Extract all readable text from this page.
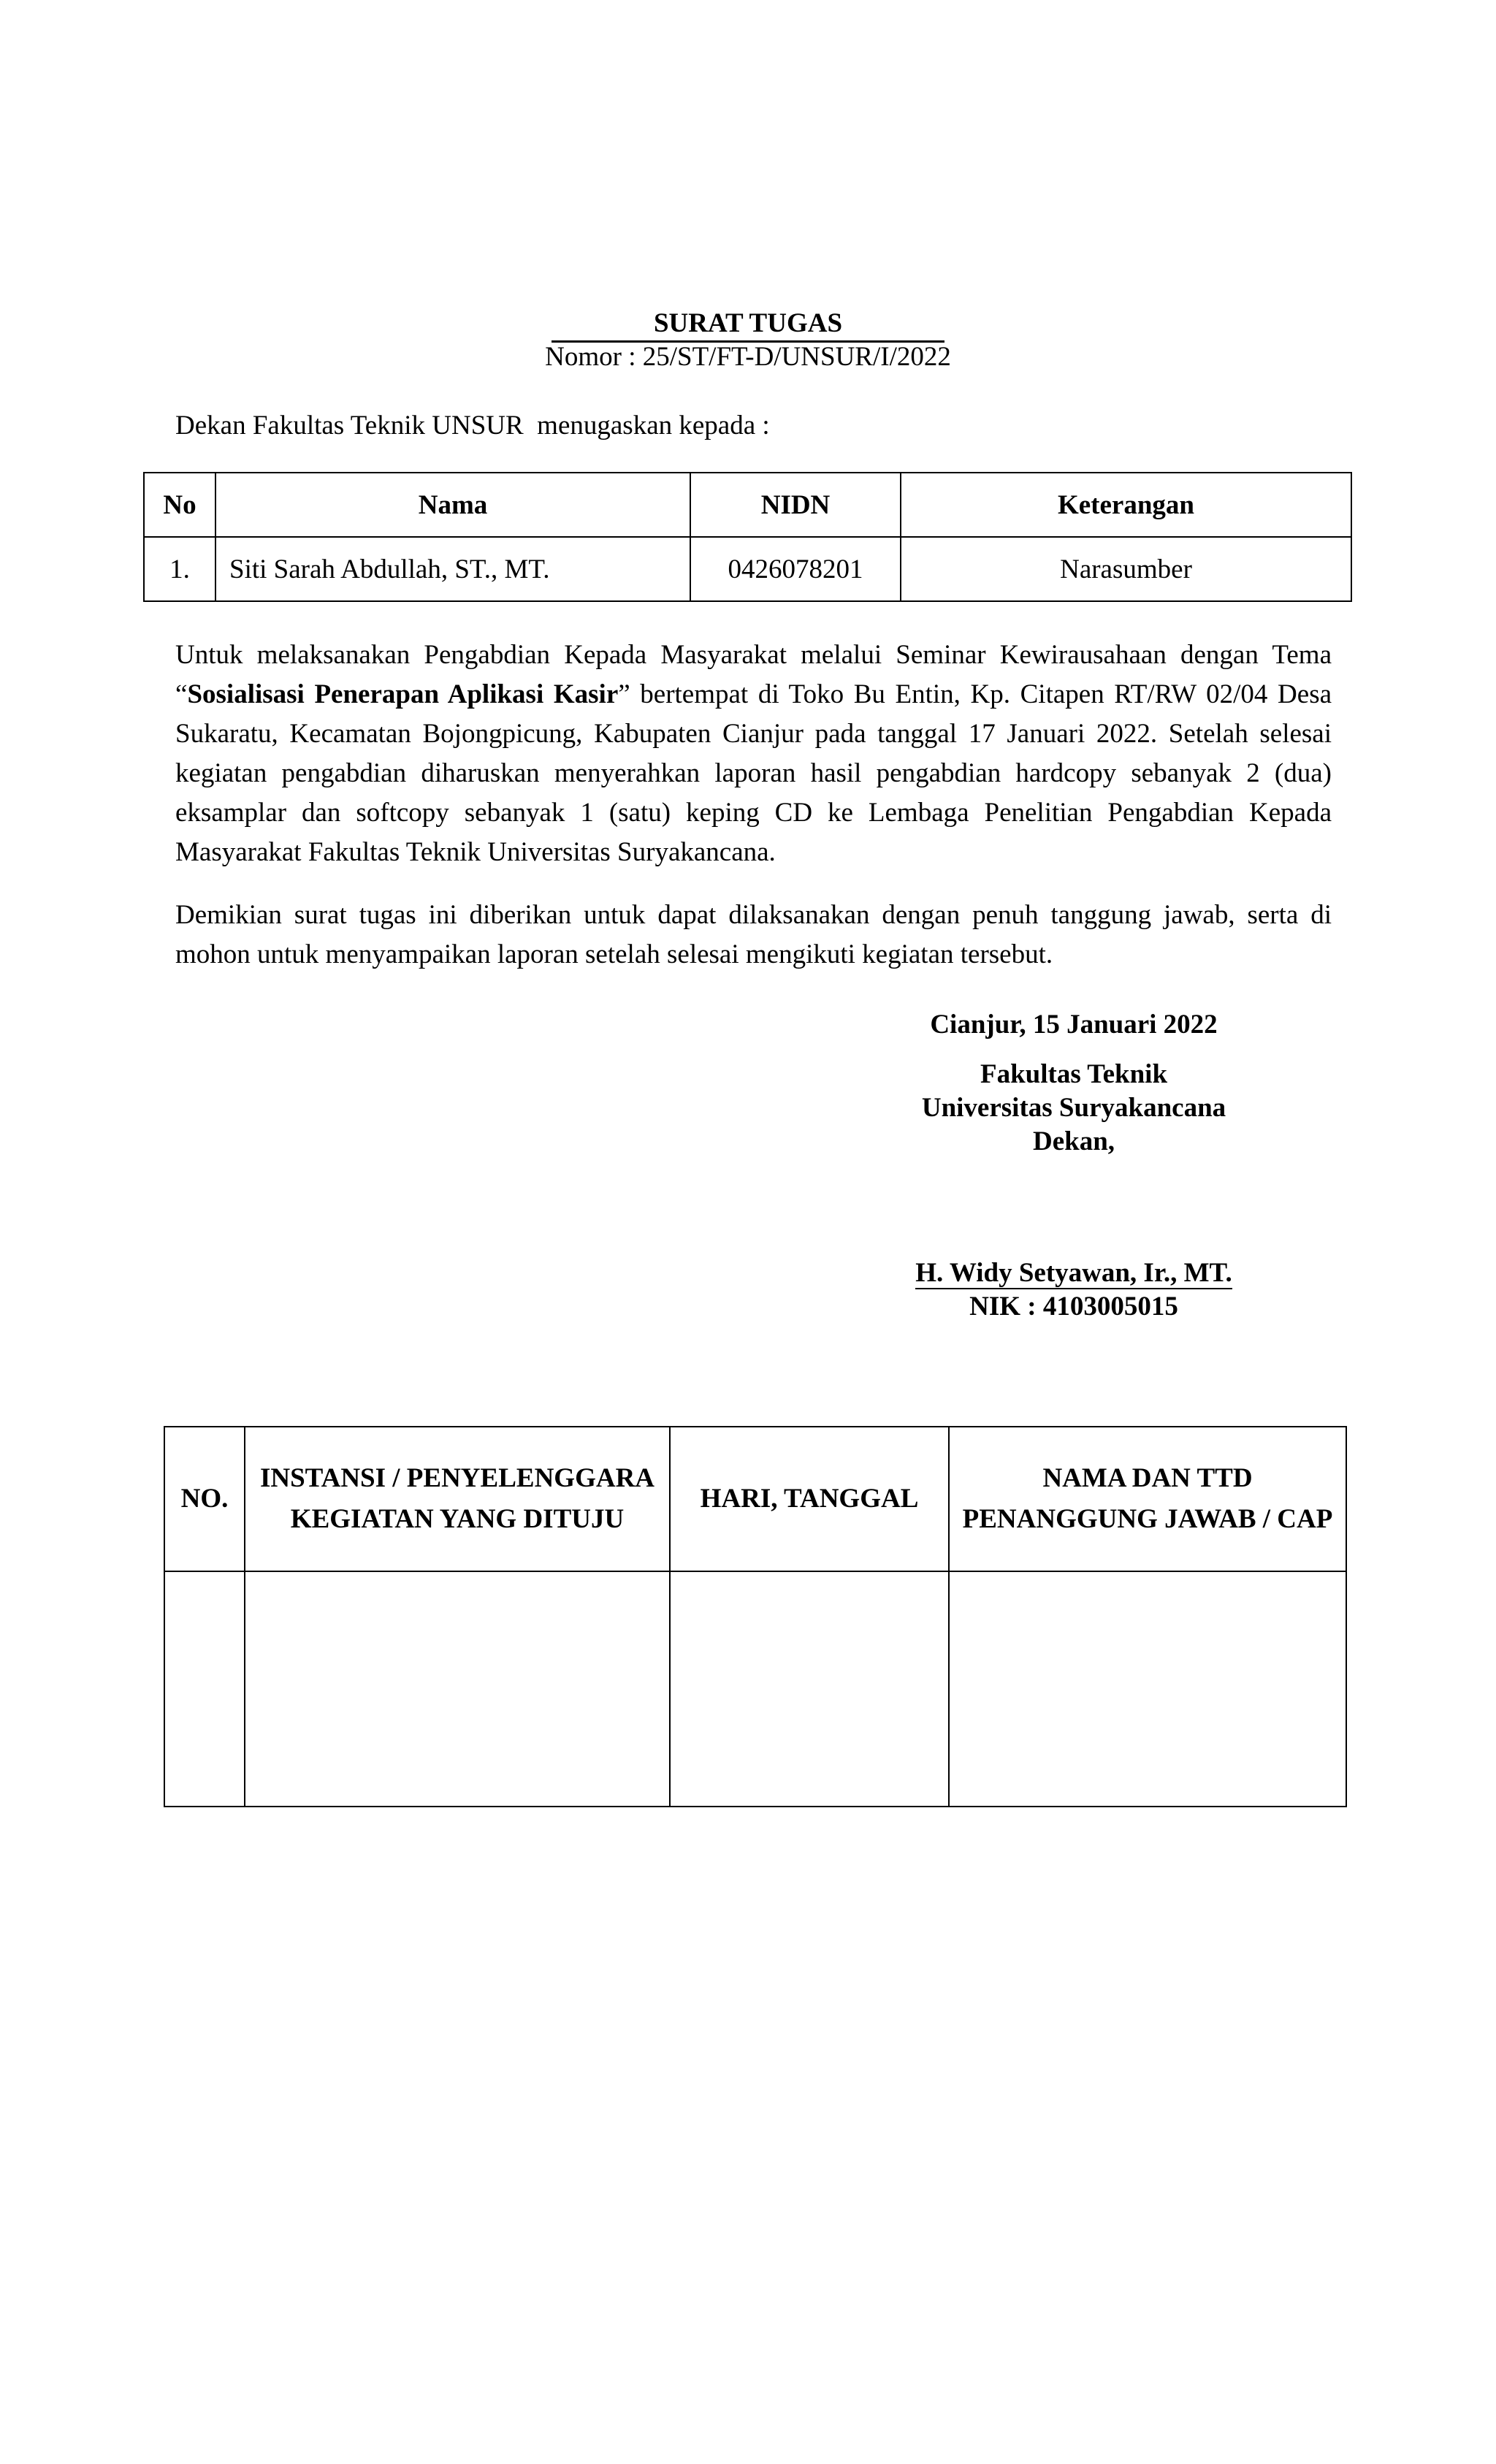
SURAT TUGAS
Nomor : 25/ST/FT-D/UNSUR/I/2022
Dekan Fakultas Teknik UNSUR  menugaskan kepada :
No	Nama	NIDN	Keterangan
1.	Siti Sarah Abdullah, ST., MT.	0426078201	Narasumber

Untuk melaksanakan Pengabdian Kepada Masyarakat melalui Seminar Kewirausahaan dengan Tema “Sosialisasi Penerapan Aplikasi Kasir” bertempat di Toko Bu Entin, Kp. Citapen RT/RW 02/04 Desa Sukaratu, Kecamatan Bojongpicung, Kabupaten Cianjur pada tanggal 17 Januari 2022. Setelah selesai kegiatan pengabdian diharuskan menyerahkan laporan hasil pengabdian hardcopy sebanyak 2 (dua) eksamplar dan softcopy sebanyak 1 (satu) keping CD ke Lembaga Penelitian Pengabdian Kepada Masyarakat Fakultas Teknik Universitas Suryakancana.

Demikian surat tugas ini diberikan untuk dapat dilaksanakan dengan penuh tanggung jawab, serta di mohon untuk menyampaikan laporan setelah selesai mengikuti kegiatan tersebut.

Cianjur, 15 Januari 2022
Fakultas Teknik
Universitas Suryakancana
Dekan,
H. Widy Setyawan, Ir., MT.
NIK : 4103005015
NO.	INSTANSI / PENYELENGGARA KEGIATAN YANG DITUJU	HARI, TANGGAL	NAMA DAN TTD PENANGGUNG JAWAB / CAP
